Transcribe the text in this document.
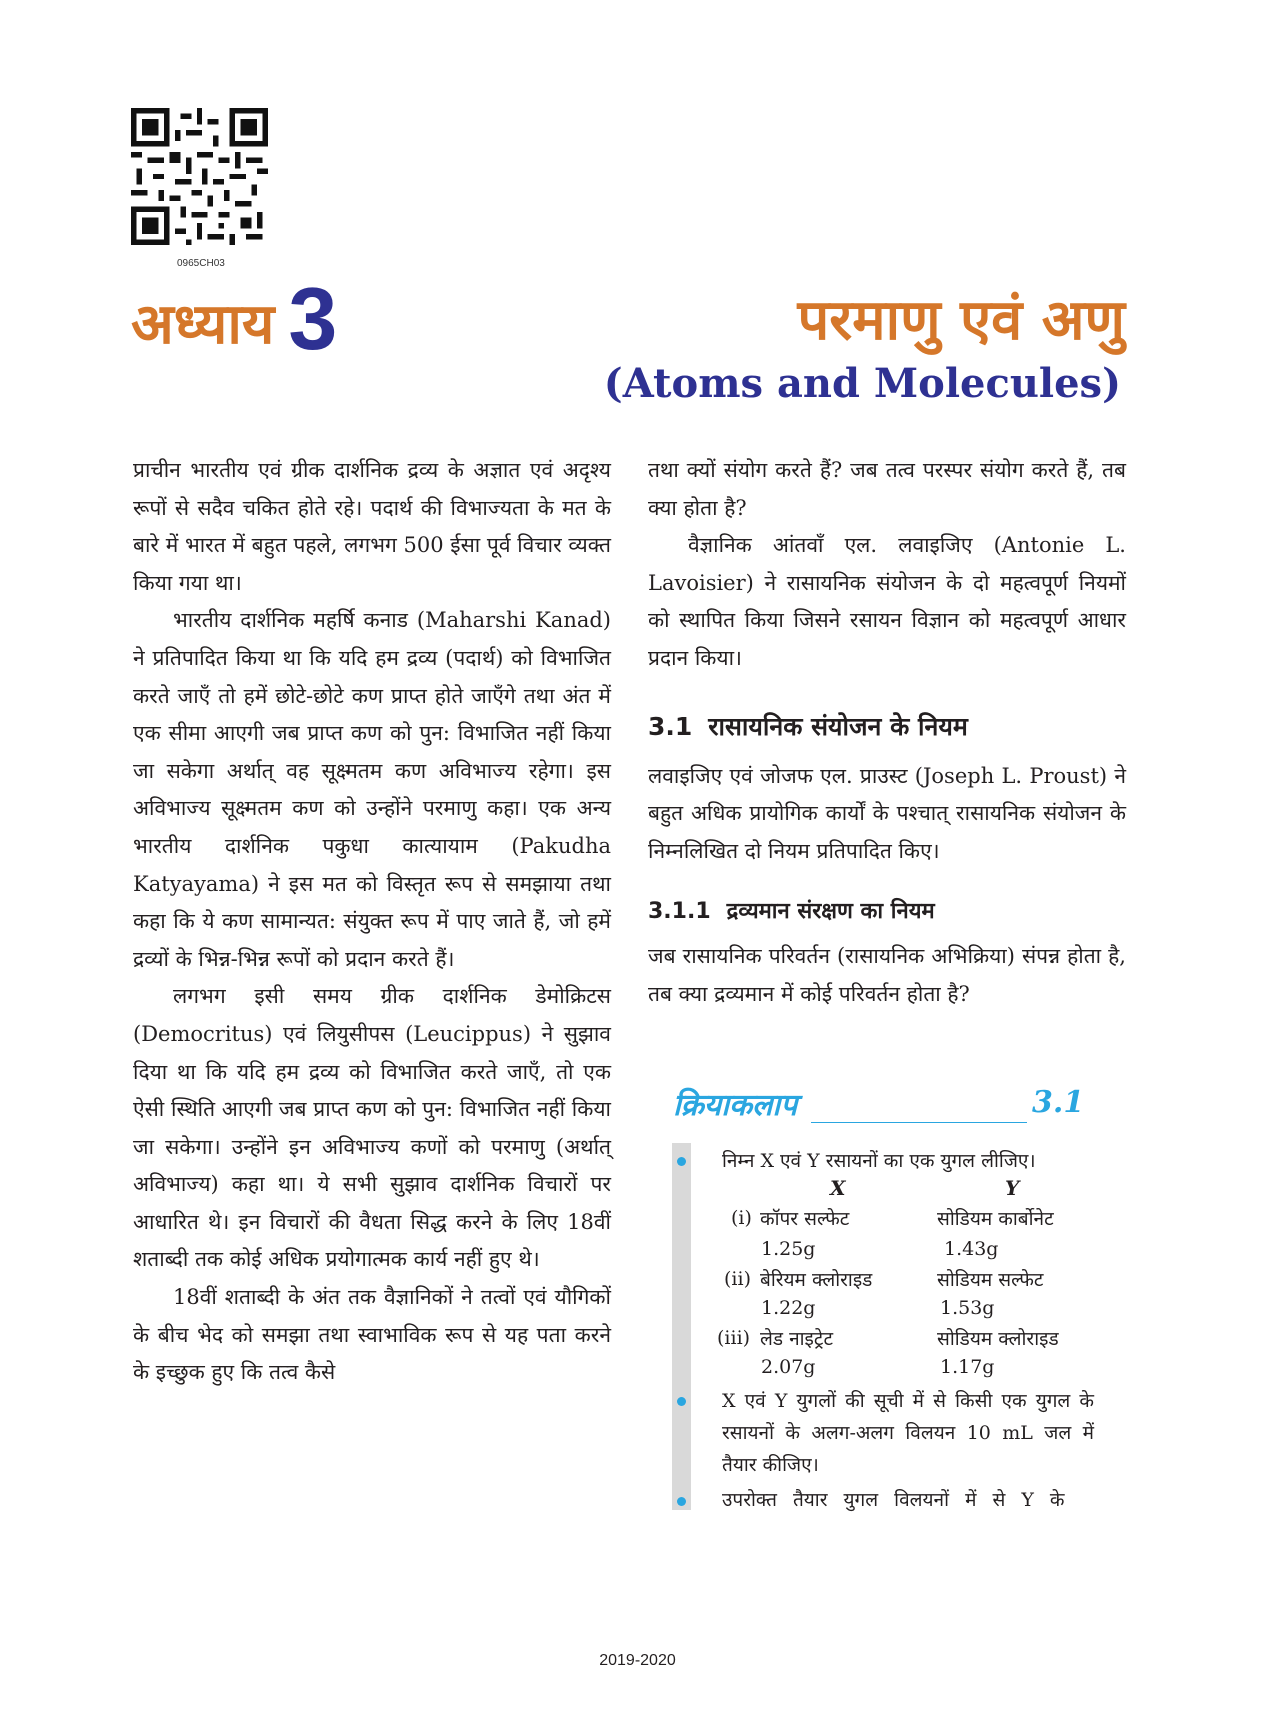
0965CH03
अध्याय 3	परमाणु एवं अणु
(Atoms and Molecules)

प्राचीन भारतीय एवं ग्रीक दार्शनिक द्रव्य के अज्ञात एवं अदृश्य रूपों से सदैव चकित होते रहे। पदार्थ की विभाज्यता के मत के बारे में भारत में बहुत पहले, लगभग 500 ईसा पूर्व विचार व्यक्त किया गया था।

भारतीय दार्शनिक महर्षि कनाड (Maharshi Kanad) ने प्रतिपादित किया था कि यदि हम द्रव्य (पदार्थ) को विभाजित करते जाएँ तो हमें छोटे-छोटे कण प्राप्त होते जाएँगे तथा अंत में एक सीमा आएगी जब प्राप्त कण को पुन: विभाजित नहीं किया जा सकेगा अर्थात् वह सूक्ष्मतम कण अविभाज्य रहेगा। इस अविभाज्य सूक्ष्मतम कण को उन्होंने परमाणु कहा। एक अन्य भारतीय दार्शनिक पकुधा कात्यायाम (Pakudha Katyayama) ने इस मत को विस्तृत रूप से समझाया तथा कहा कि ये कण सामान्यत: संयुक्त रूप में पाए जाते हैं, जो हमें द्रव्यों के भिन्न-भिन्न रूपों को प्रदान करते हैं।

लगभग इसी समय ग्रीक दार्शनिक डेमोक्रिटस (Democritus) एवं लियुसीपस (Leucippus) ने सुझाव दिया था कि यदि हम द्रव्य को विभाजित करते जाएँ, तो एक ऐसी स्थिति आएगी जब प्राप्त कण को पुन: विभाजित नहीं किया जा सकेगा। उन्होंने इन अविभाज्य कणों को परमाणु (अर्थात् अविभाज्य) कहा था। ये सभी सुझाव दार्शनिक विचारों पर आधारित थे। इन विचारों की वैधता सिद्ध करने के लिए 18वीं शताब्दी तक कोई अधिक प्रयोगात्मक कार्य नहीं हुए थे।

18वीं शताब्दी के अंत तक वैज्ञानिकों ने तत्वों एवं यौगिकों के बीच भेद को समझा तथा स्वाभाविक रूप से यह पता करने के इच्छुक हुए कि तत्व कैसे

तथा क्यों संयोग करते हैं? जब तत्व परस्पर संयोग करते हैं, तब क्या होता है?

वैज्ञानिक आंतवाँ एल. लवाइजिए (Antonie L. Lavoisier) ने रासायनिक संयोजन के दो महत्वपूर्ण नियमों को स्थापित किया जिसने रसायन विज्ञान को महत्वपूर्ण आधार प्रदान किया।

3.1 रासायनिक संयोजन के नियम

लवाइजिए एवं जोजफ एल. प्राउस्ट (Joseph L. Proust) ने बहुत अधिक प्रायोगिक कार्यों के पश्चात् रासायनिक संयोजन के निम्नलिखित दो नियम प्रतिपादित किए।

3.1.1 द्रव्यमान संरक्षण का नियम

जब रासायनिक परिवर्तन (रासायनिक अभिक्रिया) संपन्न होता है, तब क्या द्रव्यमान में कोई परिवर्तन होता है?

क्रियाकलाप	3.1
निम्न X एवं Y रसायनों का एक युगल लीजिए।
X	Y
(i) कॉपर सल्फेट	सोडियम कार्बोनेट
1.25g	1.43g
(ii) बेरियम क्लोराइड	सोडियम सल्फेट
1.22g	1.53g
(iii) लेड नाइट्रेट	सोडियम क्लोराइड
2.07g	1.17g
X एवं Y युगलों की सूची में से किसी एक युगल के रसायनों के अलग-अलग विलयन 10 mL जल में तैयार कीजिए।
उपरोक्त तैयार युगल विलयनों में से Y के
2019-2020
